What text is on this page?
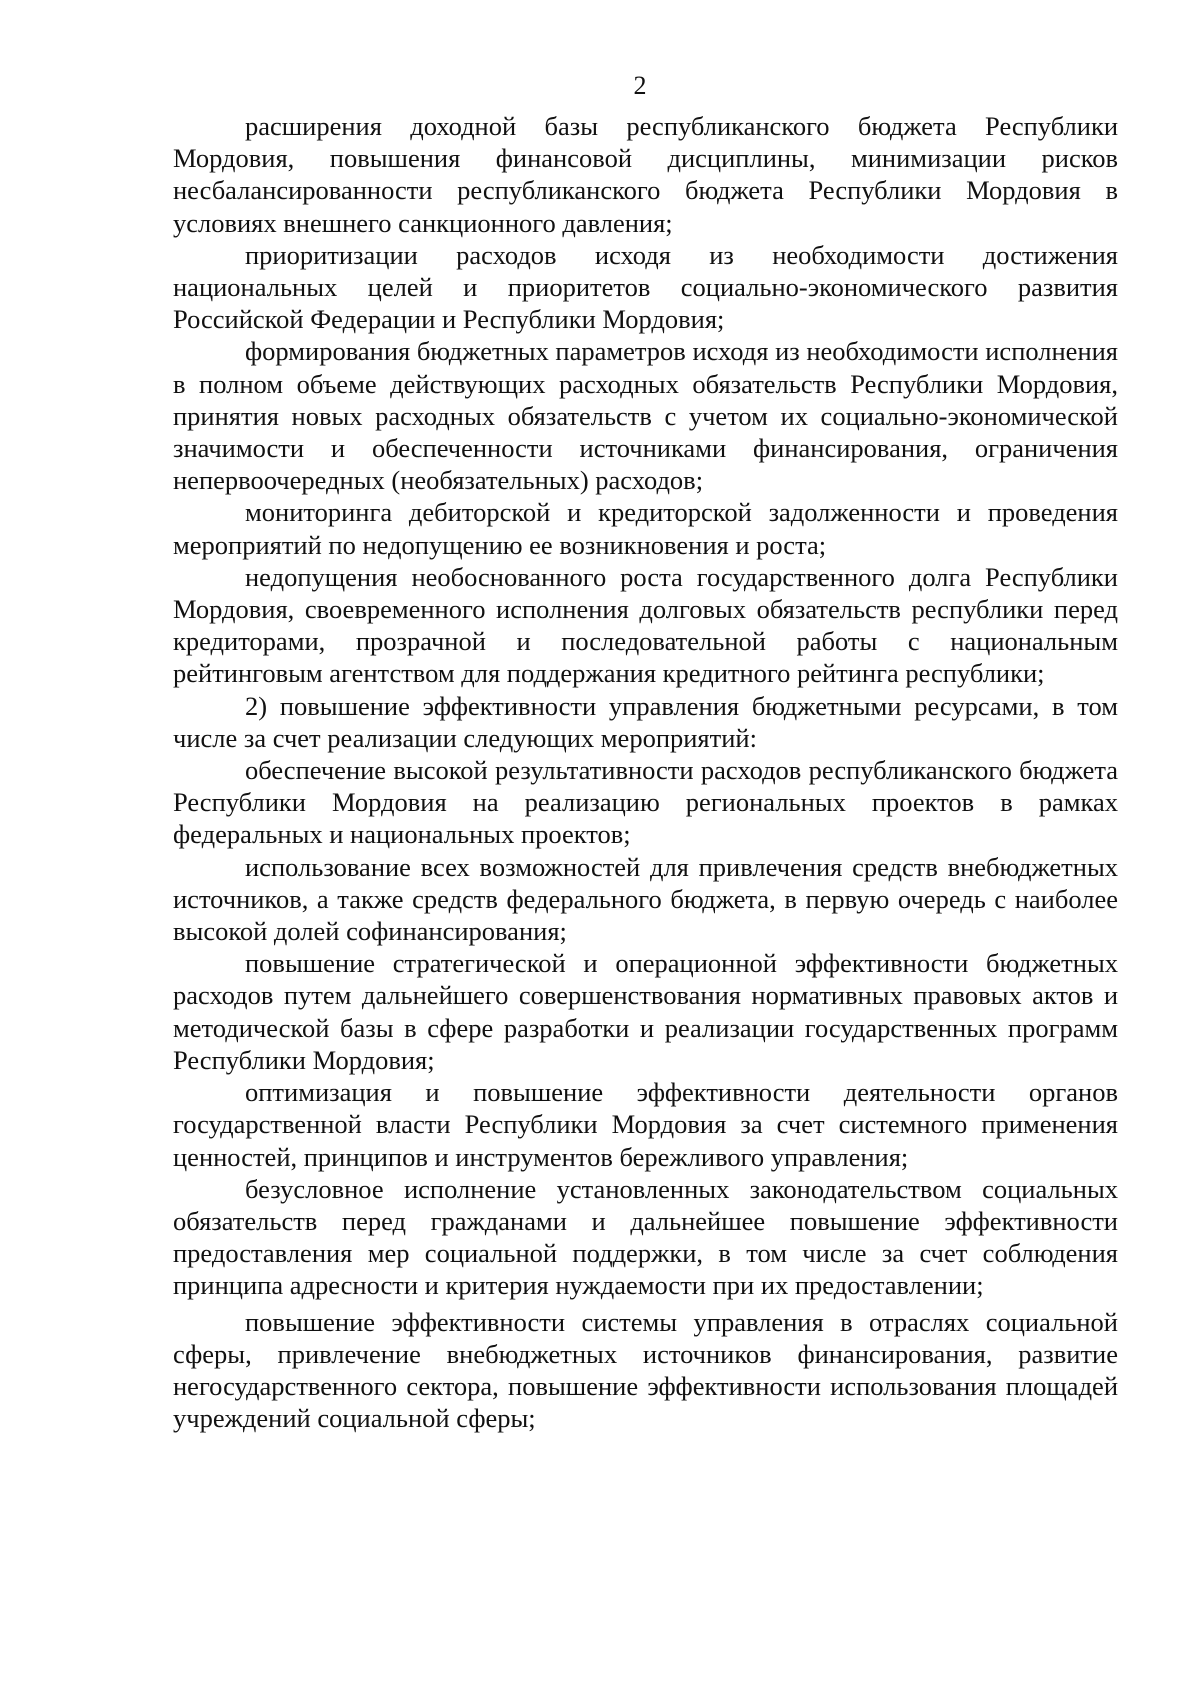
2

расширения доходной базы республиканского бюджета Республики Мордовия, повышения финансовой дисциплины, минимизации рисков несбалансированности республиканского бюджета Республики Мордовия в условиях внешнего санкционного давления;

приоритизации расходов исходя из необходимости достижения национальных целей и приоритетов социально-экономического развития Российской Федерации и Республики Мордовия;

формирования бюджетных параметров исходя из необходимости исполнения в полном объеме действующих расходных обязательств Республики Мордовия, принятия новых расходных обязательств с учетом их социально-экономической значимости и обеспеченности источниками финансирования, ограничения непервоочередных (необязательных) расходов;

мониторинга дебиторской и кредиторской задолженности и проведения мероприятий по недопущению ее возникновения и роста;

недопущения необоснованного роста государственного долга Республики Мордовия, своевременного исполнения долговых обязательств республики перед кредиторами, прозрачной и последовательной работы с национальным рейтинговым агентством для поддержания кредитного рейтинга республики;

2) повышение эффективности управления бюджетными ресурсами, в том числе за счет реализации следующих мероприятий:

обеспечение высокой результативности расходов республиканского бюджета Республики Мордовия на реализацию региональных проектов в рамках федеральных и национальных проектов;

использование всех возможностей для привлечения средств внебюджетных источников, а также средств федерального бюджета, в первую очередь с наиболее высокой долей софинансирования;

повышение стратегической и операционной эффективности бюджетных расходов путем дальнейшего совершенствования нормативных правовых актов и методической базы в сфере разработки и реализации государственных программ Республики Мордовия;

оптимизация и повышение эффективности деятельности органов государственной власти Республики Мордовия за счет системного применения ценностей, принципов и инструментов бережливого управления;

безусловное исполнение установленных законодательством социальных обязательств перед гражданами и дальнейшее повышение эффективности предоставления мер социальной поддержки, в том числе за счет соблюдения принципа адресности и критерия нуждаемости при их предоставлении;

повышение эффективности системы управления в отраслях социальной сферы, привлечение внебюджетных источников финансирования, развитие негосударственного сектора, повышение эффективности использования площадей учреждений социальной сферы;
